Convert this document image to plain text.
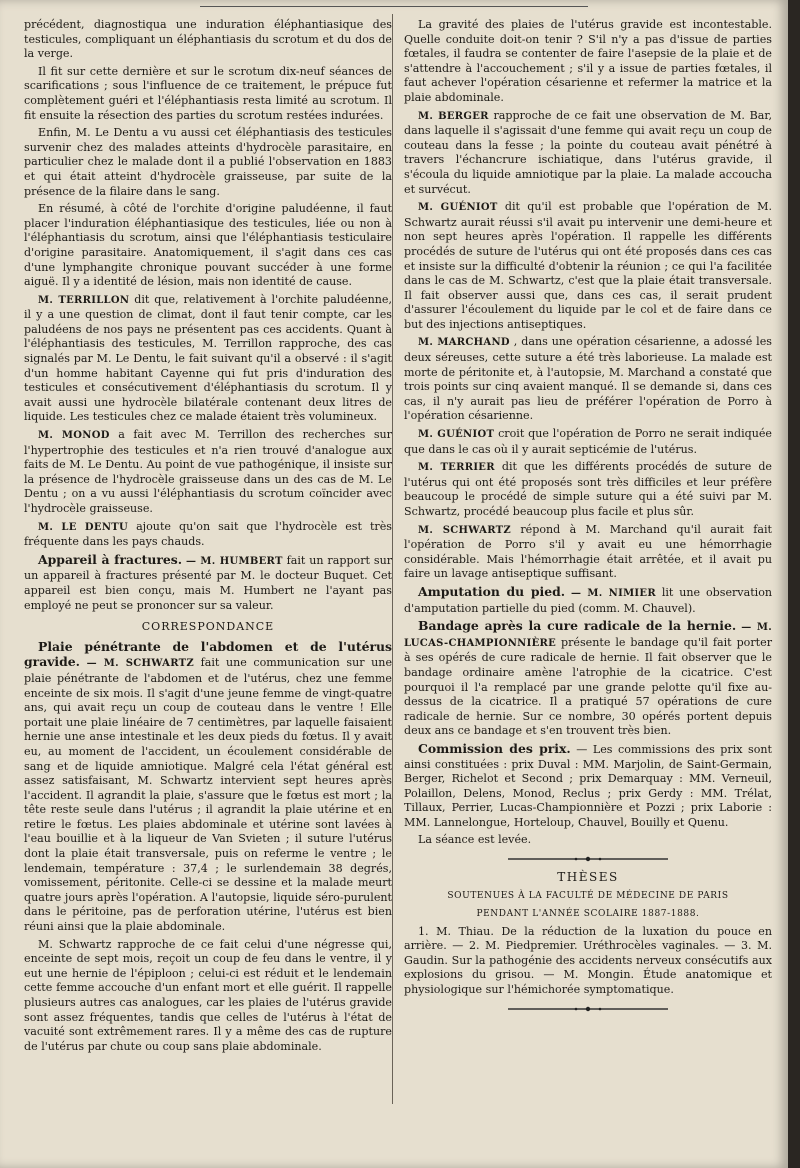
précédent, diagnostiqua une induration éléphantiasique des testicules, compliquant un éléphantiasis du scrotum et du dos de la verge.

Il fit sur cette dernière et sur le scrotum dix-neuf séances de scarifications ; sous l'influence de ce traitement, le prépuce fut complètement guéri et l'éléphantiasis resta limité au scrotum. Il fit ensuite la résection des parties du scrotum restées indurées.

Enfin, M. Le Dentu a vu aussi cet éléphantiasis des testicules survenir chez des malades atteints d'hydrocèle parasitaire, en particulier chez le malade dont il a publié l'observation en 1883 et qui était atteint d'hydrocèle graisseuse, par suite de la présence de la filaire dans le sang.

En résumé, à côté de l'orchite d'origine paludéenne, il faut placer l'induration éléphantiasique des testicules, liée ou non à l'éléphantiasis du scrotum, ainsi que l'éléphantiasis testiculaire d'origine parasitaire. Anatomiquement, il s'agit dans ces cas d'une lymphangite chronique pouvant succéder à une forme aiguë. Il y a identité de lésion, mais non identité de cause.

M. TERRILLON dit que, relativement à l'orchite paludéenne, il y a une question de climat, dont il faut tenir compte, car les paludéens de nos pays ne présentent pas ces accidents. Quant à l'éléphantiasis des testicules, M. Terrillon rapproche, des cas signalés par M. Le Dentu, le fait suivant qu'il a observé : il s'agit d'un homme habitant Cayenne qui fut pris d'induration des testicules et consécutivement d'éléphantiasis du scrotum. Il y avait aussi une hydrocèle bilatérale contenant deux litres de liquide. Les testicules chez ce malade étaient très volumineux.

M. MONOD a fait avec M. Terrillon des recherches sur l'hypertrophie des testicules et n'a rien trouvé d'analogue aux faits de M. Le Dentu. Au point de vue pathogénique, il insiste sur la présence de l'hydrocèle graisseuse dans un des cas de M. Le Dentu ; on a vu aussi l'éléphantiasis du scrotum coïncider avec l'hydrocèle graisseuse.

M. LE DENTU ajoute qu'on sait que l'hydrocèle est très fréquente dans les pays chauds.

Appareil à fractures. — M. HUMBERT fait un rapport sur un appareil à fractures présenté par M. le docteur Buquet. Cet appareil est bien conçu, mais M. Humbert ne l'ayant pas employé ne peut se prononcer sur sa valeur.

CORRESPONDANCE

Plaie pénétrante de l'abdomen et de l'utérus gravide. — M. SCHWARTZ fait une communication sur une plaie pénétrante de l'abdomen et de l'utérus, chez une femme enceinte de six mois. Il s'agit d'une jeune femme de vingt-quatre ans, qui avait reçu un coup de couteau dans le ventre ! Elle portait une plaie linéaire de 7 centimètres, par laquelle faisaient hernie une anse intestinale et les deux pieds du fœtus. Il y avait eu, au moment de l'accident, un écoulement considérable de sang et de liquide amniotique. Malgré cela l'état général est assez satisfaisant, M. Schwartz intervient sept heures après l'accident. Il agrandit la plaie, s'assure que le fœtus est mort ; la tête reste seule dans l'utérus ; il agrandit la plaie utérine et en retire le fœtus. Les plaies abdominale et utérine sont lavées à l'eau bouillie et à la liqueur de Van Svieten ; il suture l'utérus dont la plaie était transversale, puis on referme le ventre ; le lendemain, température : 37,4 ; le surlendemain 38 degrés, vomissement, péritonite. Celle-ci se dessine et la malade meurt quatre jours après l'opération. A l'autopsie, liquide séro-purulent dans le péritoine, pas de perforation utérine, l'utérus est bien réuni ainsi que la plaie abdominale.

M. Schwartz rapproche de ce fait celui d'une négresse qui, enceinte de sept mois, reçoit un coup de feu dans le ventre, il y eut une hernie de l'épiploon ; celui-ci est réduit et le lendemain cette femme accouche d'un enfant mort et elle guérit. Il rappelle plusieurs autres cas analogues, car les plaies de l'utérus gravide sont assez fréquentes, tandis que celles de l'utérus à l'état de vacuité sont extrêmement rares. Il y a même des cas de rupture de l'utérus par chute ou coup sans plaie abdominale.

La gravité des plaies de l'utérus gravide est incontestable. Quelle conduite doit-on tenir ? S'il n'y a pas d'issue de parties fœtales, il faudra se contenter de faire l'asepsie de la plaie et de s'attendre à l'accouchement ; s'il y a issue de parties fœtales, il faut achever l'opération césarienne et refermer la matrice et la plaie abdominale.

M. BERGER rapproche de ce fait une observation de M. Bar, dans laquelle il s'agissait d'une femme qui avait reçu un coup de couteau dans la fesse ; la pointe du couteau avait pénétré à travers l'échancrure ischiatique, dans l'utérus gravide, il s'écoula du liquide amniotique par la plaie. La malade accoucha et survécut.

M. GUÉNIOT dit qu'il est probable que l'opération de M. Schwartz aurait réussi s'il avait pu intervenir une demi-heure et non sept heures après l'opération. Il rappelle les différents procédés de suture de l'utérus qui ont été proposés dans ces cas et insiste sur la difficulté d'obtenir la réunion ; ce qui l'a facilitée dans le cas de M. Schwartz, c'est que la plaie était transversale. Il fait observer aussi que, dans ces cas, il serait prudent d'assurer l'écoulement du liquide par le col et de faire dans ce but des injections antiseptiques.

M. MARCHAND , dans une opération césarienne, a adossé les deux séreuses, cette suture a été très laborieuse. La malade est morte de péritonite et, à l'autopsie, M. Marchand a constaté que trois points sur cinq avaient manqué. Il se demande si, dans ces cas, il n'y aurait pas lieu de préférer l'opération de Porro à l'opération césarienne.

M. GUÉNIOT croit que l'opération de Porro ne serait indiquée que dans le cas où il y aurait septicémie de l'utérus.

M. TERRIER dit que les différents procédés de suture de l'utérus qui ont été proposés sont très difficiles et leur préfère beaucoup le procédé de simple suture qui a été suivi par M. Schwartz, procédé beaucoup plus facile et plus sûr.

M. SCHWARTZ répond à M. Marchand qu'il aurait fait l'opération de Porro s'il y avait eu une hémorrhagie considérable. Mais l'hémorrhagie était arrêtée, et il avait pu faire un lavage antiseptique suffisant.

Amputation du pied. — M. NIMIER lit une observation d'amputation partielle du pied (comm. M. Chauvel).

Bandage après la cure radicale de la hernie. — M. LUCAS-CHAMPIONNIÈRE présente le bandage qu'il fait porter à ses opérés de cure radicale de hernie. Il fait observer que le bandage ordinaire amène l'atrophie de la cicatrice. C'est pourquoi il l'a remplacé par une grande pelotte qu'il fixe au-dessus de la cicatrice. Il a pratiqué 57 opérations de cure radicale de hernie. Sur ce nombre, 30 opérés portent depuis deux ans ce bandage et s'en trouvent très bien.

Commission des prix. — Les commissions des prix sont ainsi constituées : prix Duval : MM. Marjolin, de Saint-Germain, Berger, Richelot et Second ; prix Demarquay : MM. Verneuil, Polaillon, Delens, Monod, Reclus ; prix Gerdy : MM. Trélat, Tillaux, Perrier, Lucas-Championnière et Pozzi ; prix Laborie : MM. Lannelongue, Horteloup, Chauvel, Bouilly et Quenu.

La séance est levée.

THÈSES

SOUTENUES À LA FACULTÉ DE MÉDECINE DE PARIS

PENDANT L'ANNÉE SCOLAIRE 1887-1888.

1. M. Thiau. De la réduction de la luxation du pouce en arrière. — 2. M. Piedpremier. Uréthrocèles vaginales. — 3. M. Gaudin. Sur la pathogénie des accidents nerveux consécutifs aux explosions du grisou. — M. Mongin. Étude anatomique et physiologique sur l'hémichorée symptomatique.
